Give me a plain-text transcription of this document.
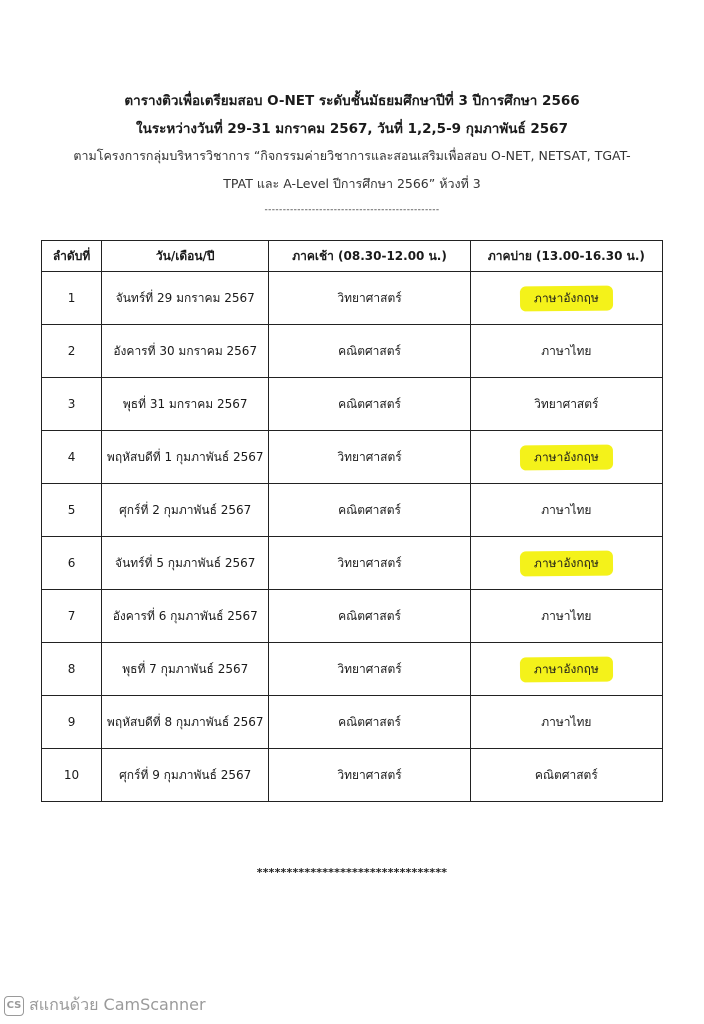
ตารางติวเพื่อเตรียมสอบ O-NET ระดับชั้นมัธยมศึกษาปีที่ 3 ปีการศึกษา 2566
ในระหว่างวันที่ 29-31 มกราคม 2567, วันที่ 1,2,5-9 กุมภาพันธ์ 2567
ตามโครงการกลุ่มบริหารวิชาการ “กิจกรรมค่ายวิชาการและสอนเสริมเพื่อสอบ O-NET, NETSAT, TGAT-
TPAT และ A-Level ปีการศึกษา 2566” ห้วงที่ 3
------------------------------------------------
ลำดับที่	วัน/เดือน/ปี	ภาคเช้า (08.30-12.00 น.)	ภาคบ่าย (13.00-16.30 น.)
1	จันทร์ที่ 29 มกราคม 2567	วิทยาศาสตร์	ภาษาอังกฤษ
2	อังคารที่ 30 มกราคม 2567	คณิตศาสตร์	ภาษาไทย
3	พุธที่ 31 มกราคม 2567	คณิตศาสตร์	วิทยาศาสตร์
4	พฤหัสบดีที่ 1 กุมภาพันธ์ 2567	วิทยาศาสตร์	ภาษาอังกฤษ
5	ศุกร์ที่ 2 กุมภาพันธ์ 2567	คณิตศาสตร์	ภาษาไทย
6	จันทร์ที่ 5 กุมภาพันธ์ 2567	วิทยาศาสตร์	ภาษาอังกฤษ
7	อังคารที่ 6 กุมภาพันธ์ 2567	คณิตศาสตร์	ภาษาไทย
8	พุธที่ 7 กุมภาพันธ์ 2567	วิทยาศาสตร์	ภาษาอังกฤษ
9	พฤหัสบดีที่ 8 กุมภาพันธ์ 2567	คณิตศาสตร์	ภาษาไทย
10	ศุกร์ที่ 9 กุมภาพันธ์ 2567	วิทยาศาสตร์	คณิตศาสตร์
********************************
CS สแกนด้วย CamScanner
